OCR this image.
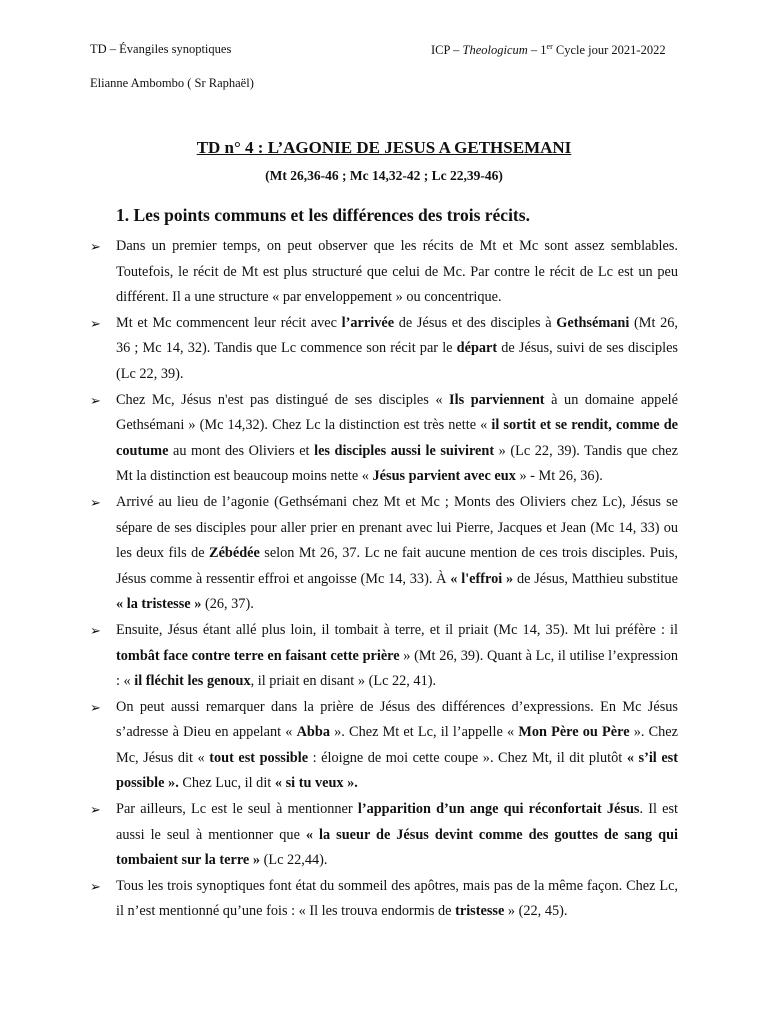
TD – Évangiles synoptiques	ICP – Theologicum – 1er Cycle jour 2021-2022
Elianne Ambombo ( Sr Raphaël)
TD n° 4 : L’AGONIE DE JESUS A GETHSEMANI
(Mt 26,36-46 ; Mc 14,32-42 ; Lc 22,39-46)
1. Les points communs et les différences des trois récits.
➢ Dans un premier temps, on peut observer que les récits de Mt et Mc sont assez semblables. Toutefois, le récit de Mt est plus structuré que celui de Mc. Par contre le récit de Lc est un peu différent. Il a une structure « par enveloppement » ou concentrique.
➢ Mt et Mc commencent leur récit avec l’arrivée de Jésus et des disciples à Gethsémani (Mt 26, 36 ; Mc 14, 32). Tandis que Lc commence son récit par le départ de Jésus, suivi de ses disciples (Lc 22, 39).
➢ Chez Mc, Jésus n'est pas distingué de ses disciples « Ils parviennent à un domaine appelé Gethsémani » (Mc 14,32). Chez Lc la distinction est très nette « il sortit et se rendit, comme de coutume au mont des Oliviers et les disciples aussi le suivirent » (Lc 22, 39). Tandis que chez Mt la distinction est beaucoup moins nette « Jésus parvient avec eux » - Mt 26, 36).
➢ Arrivé au lieu de l’agonie (Gethsémani chez Mt et Mc ; Monts des Oliviers chez Lc), Jésus se sépare de ses disciples pour aller prier en prenant avec lui Pierre, Jacques et Jean (Mc 14, 33) ou les deux fils de Zébédée selon Mt 26, 37. Lc ne fait aucune mention de ces trois disciples. Puis, Jésus comme à ressentir effroi et angoisse (Mc 14, 33). À « l'effroi » de Jésus, Matthieu substitue « la tristesse » (26, 37).
➢ Ensuite, Jésus étant allé plus loin, il tombait à terre, et il priait (Mc 14, 35). Mt lui préfère : il tombât face contre terre en faisant cette prière » (Mt 26, 39). Quant à Lc, il utilise l’expression : « il fléchit les genoux, il priait en disant » (Lc 22, 41).
➢ On peut aussi remarquer dans la prière de Jésus des différences d’expressions. En Mc Jésus s’adresse à Dieu en appelant « Abba ». Chez Mt et Lc, il l’appelle « Mon Père ou Père ». Chez Mc, Jésus dit « tout est possible : éloigne de moi cette coupe ». Chez Mt, il dit plutôt « s’il est possible ». Chez Luc, il dit « si tu veux ».
➢ Par ailleurs, Lc est le seul à mentionner l’apparition d’un ange qui réconfortait Jésus. Il est aussi le seul à mentionner que « la sueur de Jésus devint comme des gouttes de sang qui tombaient sur la terre » (Lc 22,44).
➢ Tous les trois synoptiques font état du sommeil des apôtres, mais pas de la même façon. Chez Lc, il n’est mentionné qu’une fois : « Il les trouva endormis de tristesse » (22, 45).
